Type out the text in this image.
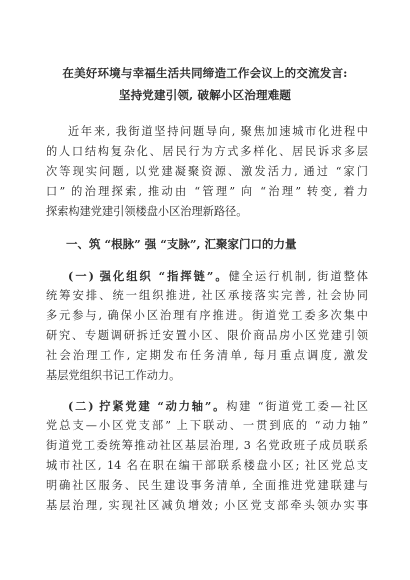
在美好环境与幸福生活共同缔造工作会议上的交流发言:
坚持党建引领, 破解小区治理难题
近年来, 我街道坚持问题导向, 聚焦加速城市化进程中
的人口结构复杂化、居民行为方式多样化、居民诉求多层
次等现实问题, 以党建凝聚资源、激发活力, 通过 “家门
口” 的治理探索, 推动由 “管理” 向 “治理” 转变, 着力
探索构建党建引领楼盘小区治理新路径。
一、筑 “根脉” 强 “支脉”, 汇聚家门口的力量
(一) 强化组织 “指挥链”。健全运行机制, 街道整体
统筹安排、统一组织推进, 社区承接落实完善, 社会协同
多元参与, 确保小区治理有序推进。街道党工委多次集中
研究、专题调研拆迁安置小区、限价商品房小区党建引领
社会治理工作, 定期发布任务清单, 每月重点调度, 激发
基层党组织书记工作动力。
(二) 拧紧党建 “动力轴”。构建 “街道党工委—社区
党总支—小区党支部” 上下联动、一贯到底的 “动力轴”
街道党工委统筹推动社区基层治理, 3 名党政班子成员联系
城市社区, 14 名在职在编干部联系楼盘小区; 社区党总支
明确社区服务、民生建设事务清单, 全面推进党建联建与
基层治理, 实现社区减负增效; 小区党支部牵头领办实事
